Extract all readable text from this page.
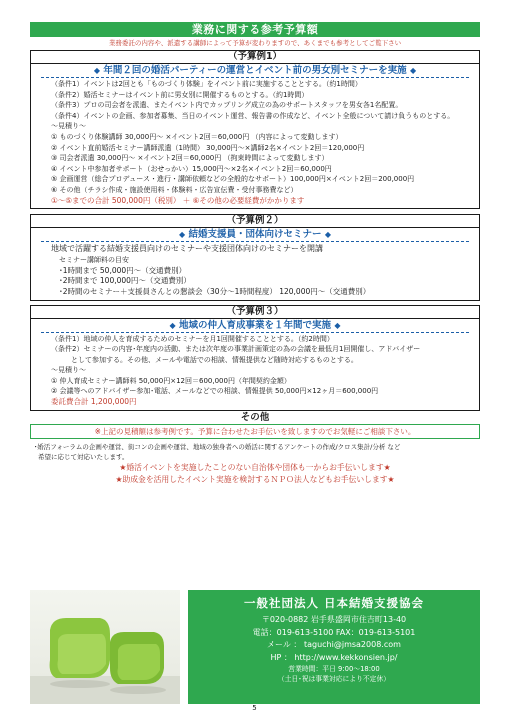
業務に関する参考予算額
業務委託の内容や、派遣する講師によって予算が変わりますので、あくまでも参考としてご覧下さい
（予算例1）
◆ 年間２回の婚活パーティーの運営とイベント前の男女別セミナーを実施 ◆
（条件1）イベントは2回とも「ものづくり体験」をイベント前に実施することとする。（約1時間）
（条件2）婚活セミナーはイベント前に男女別に開催するものとする。（約1時間）
（条件3）プロの司会者を派遣、またイベント内でカップリング成立の為のサポートスタッフを男女各1名配置。
（条件4）イベントの企画、参加者募集、当日のイベント運営、報告書の作成など、イベント全般について請け負うものとする。
～見積り～
① ものづくり体験講師 30,000円～ ×イベント2回＝60,000円 （内容によって変動します）
② イベント直前婚活セミナー講師派遣（1時間） 30,000円～×講師2名×イベント2回＝120,000円
③ 司会者派遣 30,000円～ ×イベント2回＝60,000円 （拘束時間によって変動します）
④ イベント中参加者サポート（おせっかい）15,000円～×2名×イベント2回＝60,000円
⑤ 企画運営（総合プロデュース・進行・講師依頼などの全般的なサポート）100,000円×イベント2回＝200,000円
⑥ その他（チラシ作成・施設使用料・体験料・広告宣伝費・受付事務費など）
①～⑤までの合計 500,000円（税別） ＋ ⑥その他の必要経費がかかります
（予算例２）
◆ 結婚支援員・団体向けセミナー ◆
地域で活躍する結婚支援員向けのセミナーや支援団体向けのセミナーを開講
セミナー講師料の目安
･1時間まで 50,000円～（交通費別）
･2時間まで 100,000円～（交通費別）
･2時間のセミナー＋支援員さんとの懇談会（30分～1時間程度） 120,000円～（交通費別）
（予算例３）
◆ 地域の仲人育成事業を１年間で実施 ◆
（条件1）地域の仲人を育成するためのセミナーを月1回開催することとする。（約2時間）
（条件2）セミナーの内容･年度内の活動、または次年度の事業計画策定の為の会議を最低月1回開催し、アドバイザー
として参加する。その他、メールや電話での相談、情報提供など随時対応するものとする。
～見積り～
① 仲人育成セミナー講師料 50,000円×12回＝600,000円（年間契約金額）
② 会議等へのアドバイザー参加･電話、メールなどでの相談、情報提供 50,000円×12ヶ月＝600,000円
委託費合計 1,200,000円
その他
※上記の見積額は参考例です。予算に合わせたお手伝いを致しますのでお気軽にご相談下さい。
･婚活フォーラムの企画や運営、街コンの企画や運営、地域の独身者への婚活に関するアンケートの作成/クロス集計/分析 など
希望に応じて対応いたします。
★婚活イベントを実施したことのない自治体や団体も一からお手伝いします★
★助成金を活用したイベント実施を検討するＮＰＯ法人などもお手伝いします★
一般社団法人 日本結婚支援協会
〒020-0882 岩手県盛岡市住吉町13-40
電話：019-613-5100 FAX：019-613-5101
メール ： taguchi@jmsa2008.com
HP ： http://www.kekkonsien.jp/
営業時間：平日 9:00～18:00
（土日･祝は事業対応により不定休）
5
